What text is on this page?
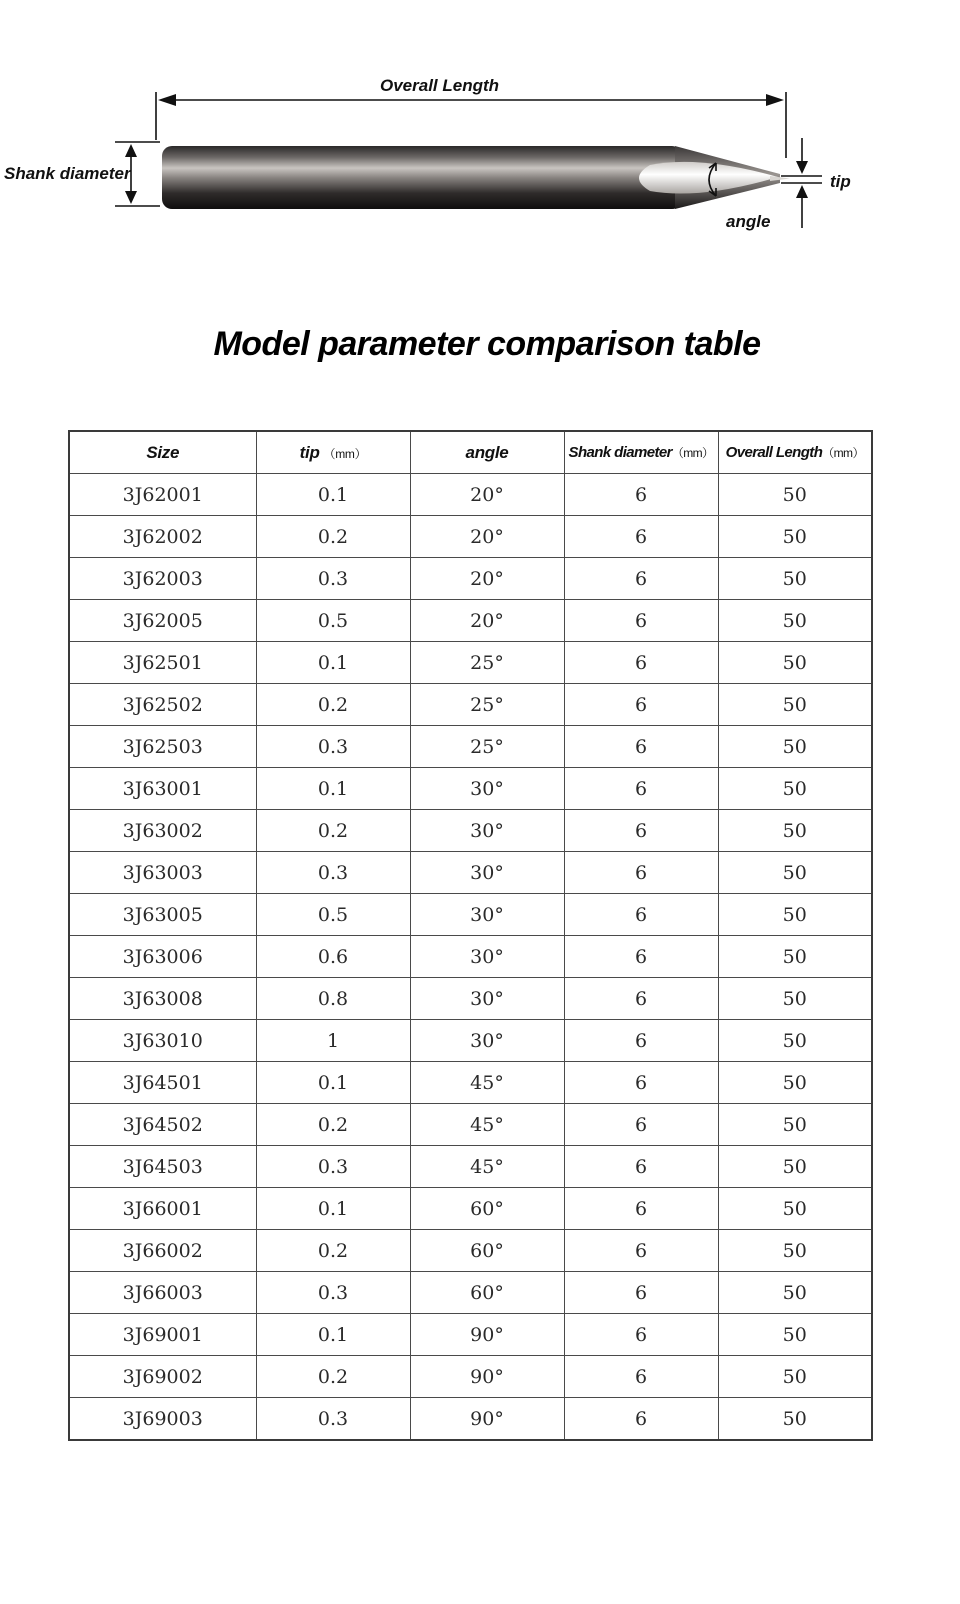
Overall Length
Shank diameter	tip
angle
Model parameter comparison table
Size	tip （mm）	angle	Shank diameter（mm）	Overall Length（mm）
3J62001	0.1	20°	6	50
3J62002	0.2	20°	6	50
3J62003	0.3	20°	6	50
3J62005	0.5	20°	6	50
3J62501	0.1	25°	6	50
3J62502	0.2	25°	6	50
3J62503	0.3	25°	6	50
3J63001	0.1	30°	6	50
3J63002	0.2	30°	6	50
3J63003	0.3	30°	6	50
3J63005	0.5	30°	6	50
3J63006	0.6	30°	6	50
3J63008	0.8	30°	6	50
3J63010	1	30°	6	50
3J64501	0.1	45°	6	50
3J64502	0.2	45°	6	50
3J64503	0.3	45°	6	50
3J66001	0.1	60°	6	50
3J66002	0.2	60°	6	50
3J66003	0.3	60°	6	50
3J69001	0.1	90°	6	50
3J69002	0.2	90°	6	50
3J69003	0.3	90°	6	50
